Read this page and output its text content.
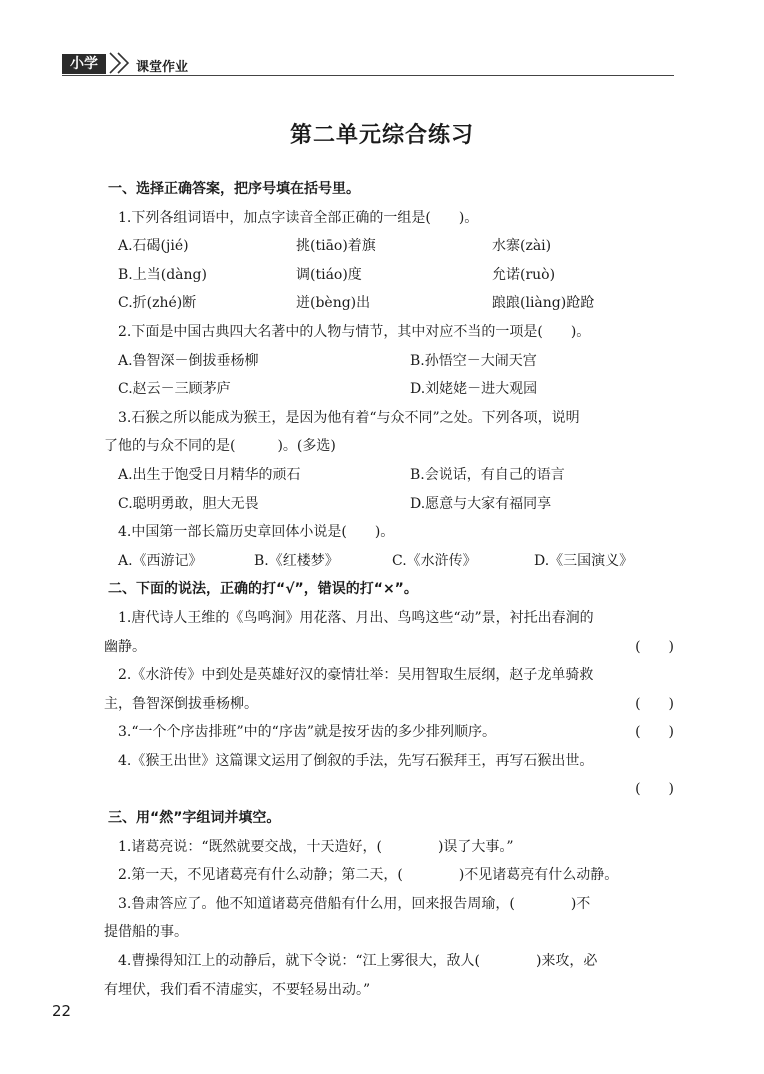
小学	课堂作业
第二单元综合练习
一、选择正确答案，把序号填在括号里。
1.下列各组词语中，加点字读音全部正确的一组是(　　)。
A.石碣(jié)	挑(tiāo)着旗	水寨(zài)
B.上当(dàng)	调(tiáo)度	允诺(ruò)
C.折(zhé)断	迸(bèng)出	踉踉(liàng)跄跄
2.下面是中国古典四大名著中的人物与情节，其中对应不当的一项是(　　)。
A.鲁智深－倒拔垂杨柳	B.孙悟空－大闹天宫
C.赵云－三顾茅庐	D.刘姥姥－进大观园
3.石猴之所以能成为猴王，是因为他有着“与众不同”之处。下列各项，说明
了他的与众不同的是(　　　)。(多选)
A.出生于饱受日月精华的顽石	B.会说话，有自己的语言
C.聪明勇敢，胆大无畏	D.愿意与大家有福同享
4.中国第一部长篇历史章回体小说是(　　)。
A.《西游记》	B.《红楼梦》	C.《水浒传》	D.《三国演义》
二、下面的说法，正确的打“√”，错误的打“×”。
1.唐代诗人王维的《鸟鸣涧》用花落、月出、鸟鸣这些“动”景，衬托出春涧的
幽静。	(　　)
2.《水浒传》中到处是英雄好汉的豪情壮举：吴用智取生辰纲，赵子龙单骑救
主，鲁智深倒拔垂杨柳。	(　　)
3.“一个个序齿排班”中的“序齿”就是按牙齿的多少排列顺序。	(　　)
4.《猴王出世》这篇课文运用了倒叙的手法，先写石猴拜王，再写石猴出世。
(　　)
三、用“然”字组词并填空。
1.诸葛亮说：“既然就要交战，十天造好，(　　　　)误了大事。”
2.第一天，不见诸葛亮有什么动静；第二天，(　　　　)不见诸葛亮有什么动静。
3.鲁肃答应了。他不知道诸葛亮借船有什么用，回来报告周瑜，(　　　　)不
提借船的事。
4.曹操得知江上的动静后，就下令说：“江上雾很大，敌人(　　　　)来攻，必
有埋伏，我们看不清虚实，不要轻易出动。”
22
